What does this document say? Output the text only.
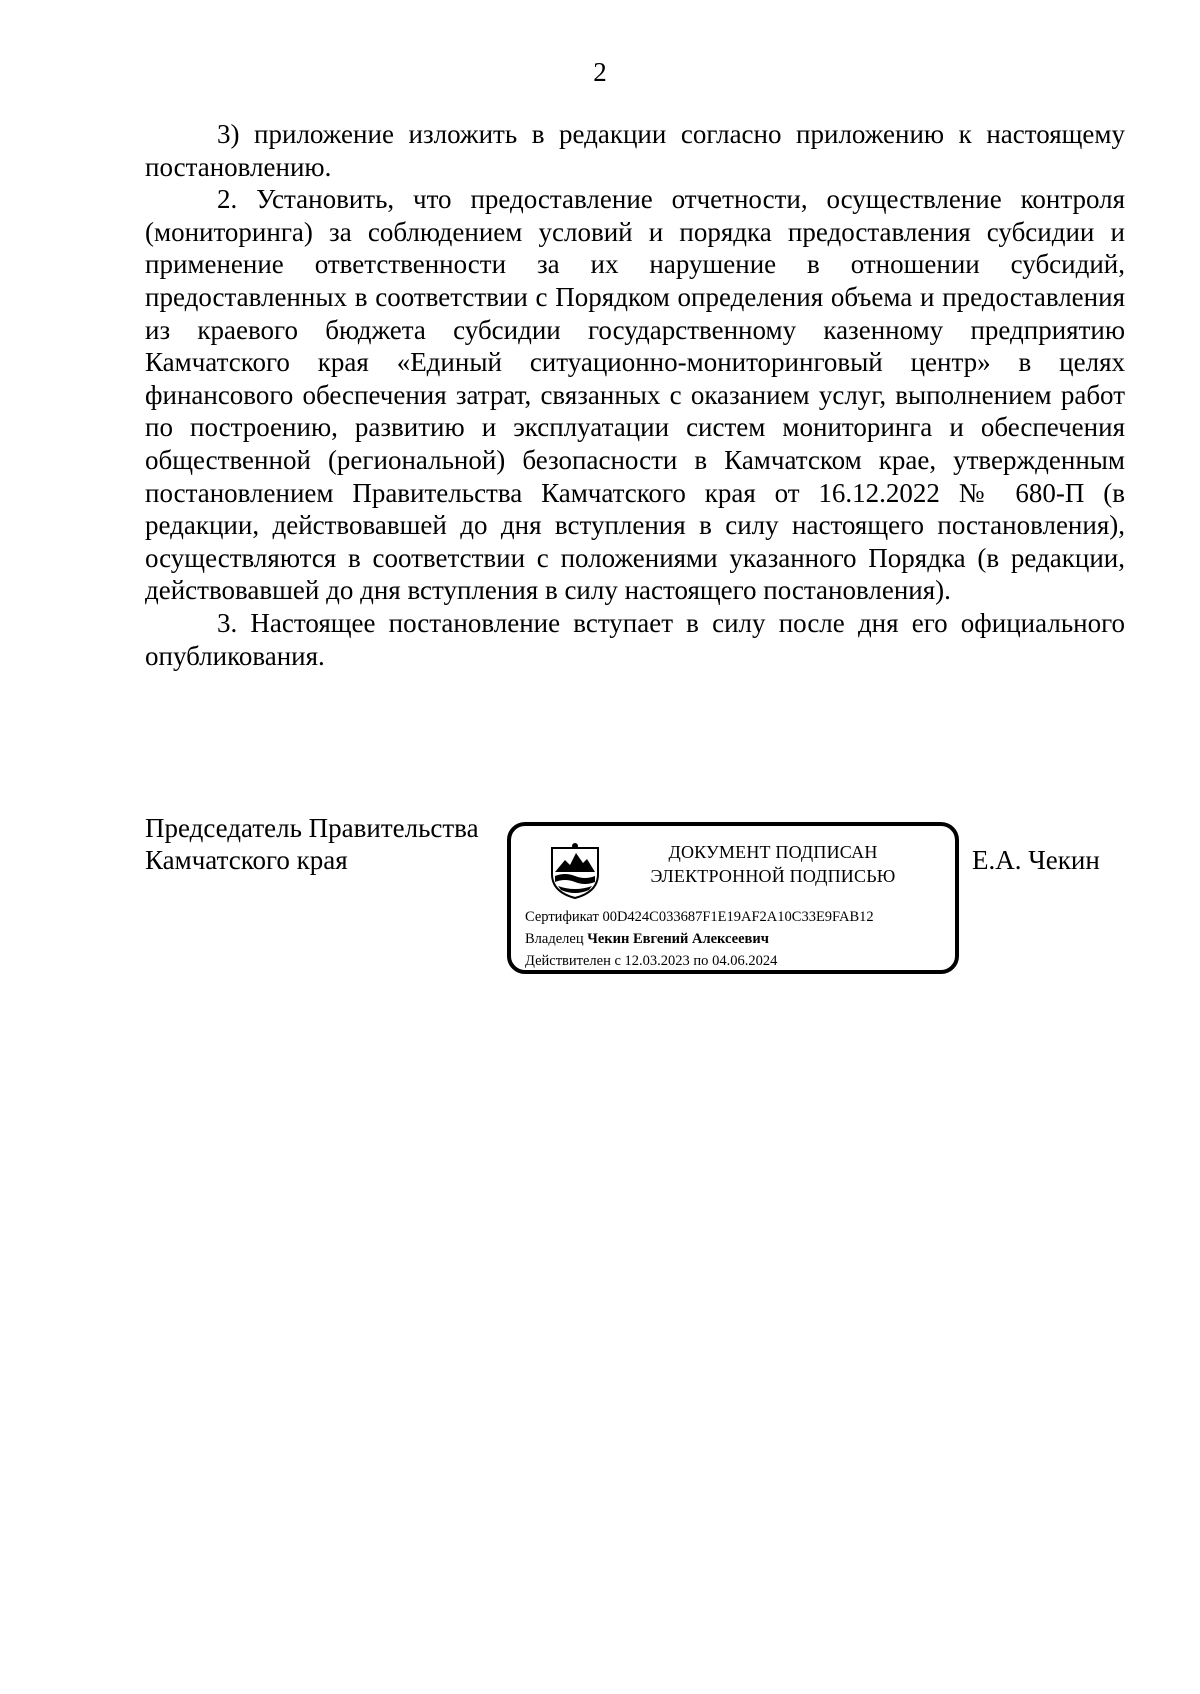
2

3) приложение изложить в редакции согласно приложению к настоящему постановлению.

2. Установить, что предоставление отчетности, осуществление контроля (мониторинга) за соблюдением условий и порядка предоставления субсидии и применение ответственности за их нарушение в отношении субсидий, предоставленных в соответствии с Порядком определения объема и предоставления из краевого бюджета субсидии государственному казенному предприятию Камчатского края «Единый ситуационно-мониторинговый центр» в целях финансового обеспечения затрат, связанных с оказанием услуг, выполнением работ по построению, развитию и эксплуатации систем мониторинга и обеспечения общественной (региональной) безопасности в Камчатском крае, утвержденным постановлением Правительства Камчатского края от 16.12.2022 № 680-П (в редакции, действовавшей до дня вступления в силу настоящего постановления), осуществляются в соответствии с положениями указанного Порядка (в редакции, действовавшей до дня вступления в силу настоящего постановления).

3. Настоящее постановление вступает в силу после дня его официального опубликования.

Председатель Правительства
Камчатского края	ДОКУМЕНТ ПОДПИСАН
ЭЛЕКТРОННОЙ ПОДПИСЬЮ
Сертификат 00D424C033687F1E19AF2A10C33E9FAB12
Владелец Чекин Евгений Алексеевич
Действителен с 12.03.2023 по 04.06.2024
Е.А. Чекин
